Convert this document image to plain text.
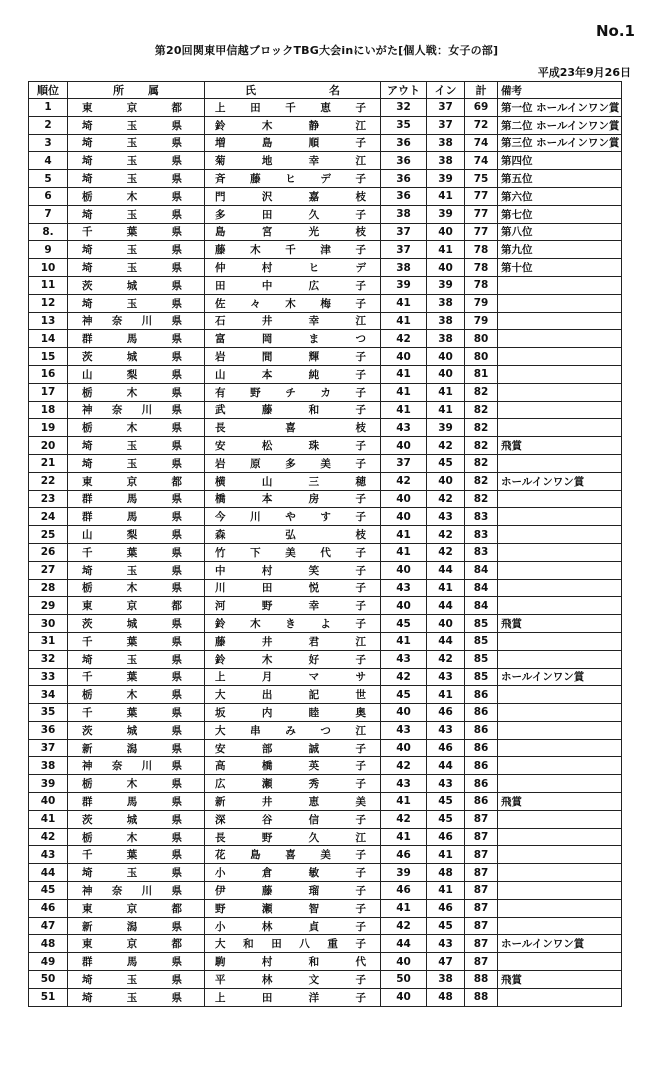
No.1
第20回関東甲信越ブロックTBG大会inにいがた[個人戦：女子の部]
平成23年9月26日
順位	所　属	氏　名	アウト	イン	計	備考
1	東京都	上田千恵子	32	37	69	第一位 ホールインワン賞
2	埼玉県	鈴木静江	35	37	72	第二位 ホールインワン賞
3	埼玉県	増島順子	36	38	74	第三位 ホールインワン賞
4	埼玉県	菊地幸江	36	38	74	第四位
5	埼玉県	斉藤ヒデ子	36	39	75	第五位
6	栃木県	門沢嘉枝	36	41	77	第六位
7	埼玉県	多田久子	38	39	77	第七位
8.	千葉県	島宮光枝	37	40	77	第八位
9	埼玉県	藤木千津子	37	41	78	第九位
10	埼玉県	仲村ヒデ	38	40	78	第十位
11	茨城県	田中広子	39	39	78	
12	埼玉県	佐々木梅子	41	38	79	
13	神奈川県	石井幸江	41	38	79	
14	群馬県	富岡まつ	42	38	80	
15	茨城県	岩間輝子	40	40	80	
16	山梨県	山本純子	41	40	81	
17	栃木県	有野チカ子	41	41	82	
18	神奈川県	武藤和子	41	41	82	
19	栃木県	長喜枝	43	39	82	
20	埼玉県	安松珠子	40	42	82	飛賞
21	埼玉県	岩原多美子	37	45	82	
22	東京都	横山三穂	42	40	82	ホールインワン賞
23	群馬県	橋本房子	40	42	82	
24	群馬県	今川やす子	40	43	83	
25	山梨県	森弘枝	41	42	83	
26	千葉県	竹下美代子	41	42	83	
27	埼玉県	中村笑子	40	44	84	
28	栃木県	川田悦子	43	41	84	
29	東京都	河野幸子	40	44	84	
30	茨城県	鈴木きよ子	45	40	85	飛賞
31	千葉県	藤井君江	41	44	85	
32	埼玉県	鈴木好子	43	42	85	
33	千葉県	上月マサ	42	43	85	ホールインワン賞
34	栃木県	大出記世	45	41	86	
35	千葉県	坂内睦奥	40	46	86	
36	茨城県	大串みつ江	43	43	86	
37	新潟県	安部誠子	40	46	86	
38	神奈川県	高橋英子	42	44	86	
39	栃木県	広瀬秀子	43	43	86	
40	群馬県	新井恵美	41	45	86	飛賞
41	茨城県	深谷信子	42	45	87	
42	栃木県	長野久江	41	46	87	
43	千葉県	花島喜美子	46	41	87	
44	埼玉県	小倉敏子	39	48	87	
45	神奈川県	伊藤瑠子	46	41	87	
46	東京都	野瀬智子	41	46	87	
47	新潟県	小林貞子	42	45	87	
48	東京都	大和田八重子	44	43	87	ホールインワン賞
49	群馬県	駒村和代	40	47	87	
50	埼玉県	平林文子	50	38	88	飛賞
51	埼玉県	上田洋子	40	48	88	
